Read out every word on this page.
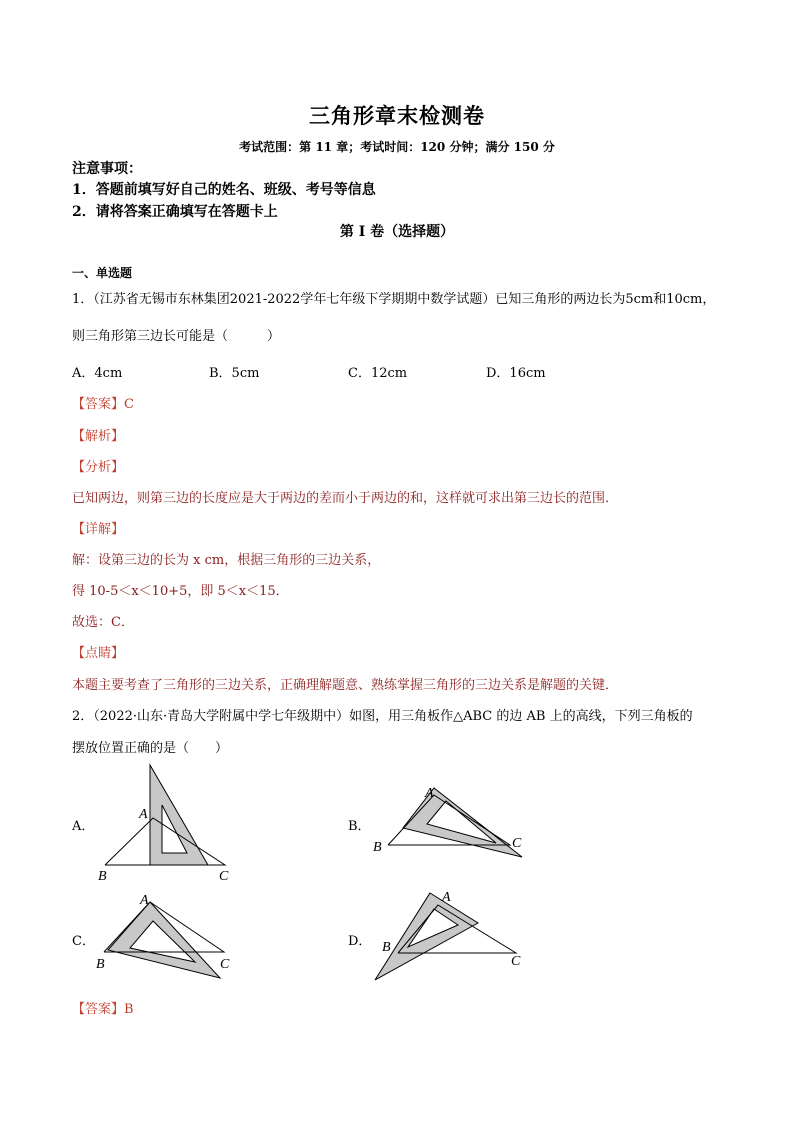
三角形章末检测卷
考试范围：第 11 章；考试时间：120 分钟；满分 150 分
注意事项：
1．答题前填写好自己的姓名、班级、考号等信息
2．请将答案正确填写在答题卡上
第 I 卷（选择题）
一、单选题
1．（江苏省无锡市东林集团2021-2022学年七年级下学期期中数学试题）已知三角形的两边长为5cm和10cm，
则三角形第三边长可能是（　　　）
A．4cm	B．5cm	C．12cm	D．16cm
【答案】C
【解析】
【分析】
已知两边，则第三边的长度应是大于两边的差而小于两边的和，这样就可求出第三边长的范围．
【详解】
解：设第三边的长为 x cm，根据三角形的三边关系，
得 10-5＜x＜10+5，即 5＜x＜15．
故选：C．
【点睛】
本题主要考查了三角形的三边关系，正确理解题意、熟练掌握三角形的三边关系是解题的关键．
2．（2022·山东·青岛大学附属中学七年级期中）如图，用三角板作△ABC 的边 AB 上的高线，下列三角板的
摆放位置正确的是（　　）
A．	B．
C．	D．
A
B	C
A
B	C
A
B	C
A
B
C
【答案】B
